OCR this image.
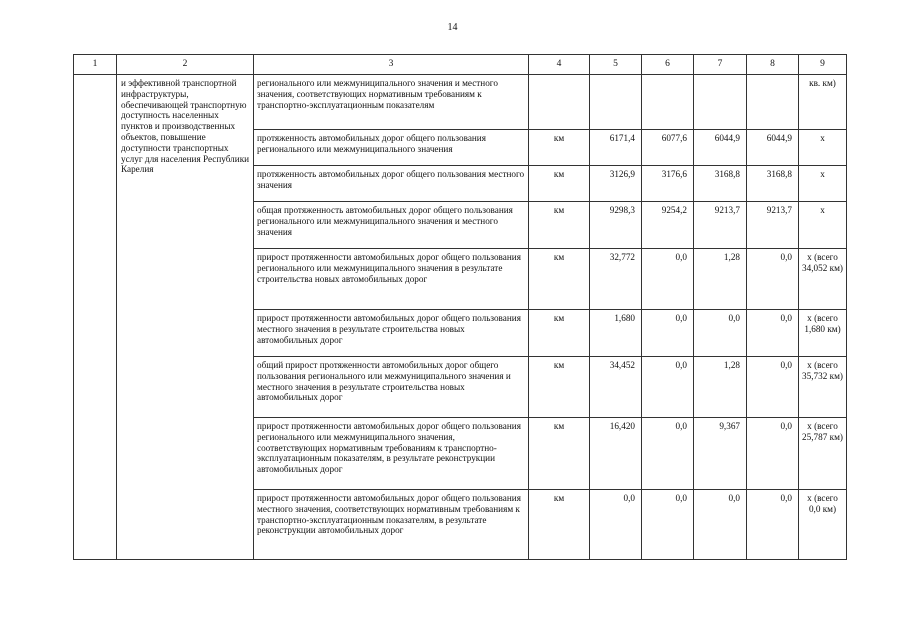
14
1	2	3	4	5	6	7	8	9
	и эффективной транспортной инфраструктуры, обеспечивающей транспортную доступность населенных пунктов и производственных объектов, повышение доступности транспортных услуг для населения Республики Карелия	регионального или межмуниципального значения и местного значения, соответствующих нормативным требованиям к транспортно-эксплуатационным показателям						кв. км)
		протяженность автомобильных дорог общего пользования регионального или межмуниципального значения	км	6171,4	6077,6	6044,9	6044,9	х
		протяженность автомобильных дорог общего пользования местного значения	км	3126,9	3176,6	3168,8	3168,8	х
		общая протяженность автомобильных дорог общего пользования регионального или межмуниципального значения и местного значения	км	9298,3	9254,2	9213,7	9213,7	х
		прирост протяженности автомобильных дорог общего пользования регионального или межмуниципального значения в результате строительства новых автомобильных дорог	км	32,772	0,0	1,28	0,0	х (всего 34,052 км)
		прирост протяженности автомобильных дорог общего пользования местного значения в результате строительства новых автомобильных дорог	км	1,680	0,0	0,0	0,0	х (всего 1,680 км)
		общий прирост протяженности автомобильных дорог общего пользования регионального или межмуниципального значения и местного значения в результате строительства новых автомобильных дорог	км	34,452	0,0	1,28	0,0	х (всего 35,732 км)
		прирост протяженности автомобильных дорог общего пользования регионального или межмуниципального значения, соответствующих нормативным требованиям к транспортно-эксплуатационным показателям, в результате реконструкции автомобильных дорог	км	16,420	0,0	9,367	0,0	х (всего 25,787 км)
		прирост протяженности автомобильных дорог общего пользования местного значения, соответствующих нормативным требованиям к транспортно-эксплуатационным показателям, в результате реконструкции автомобильных дорог	км	0,0	0,0	0,0	0,0	х (всего 0,0 км)
